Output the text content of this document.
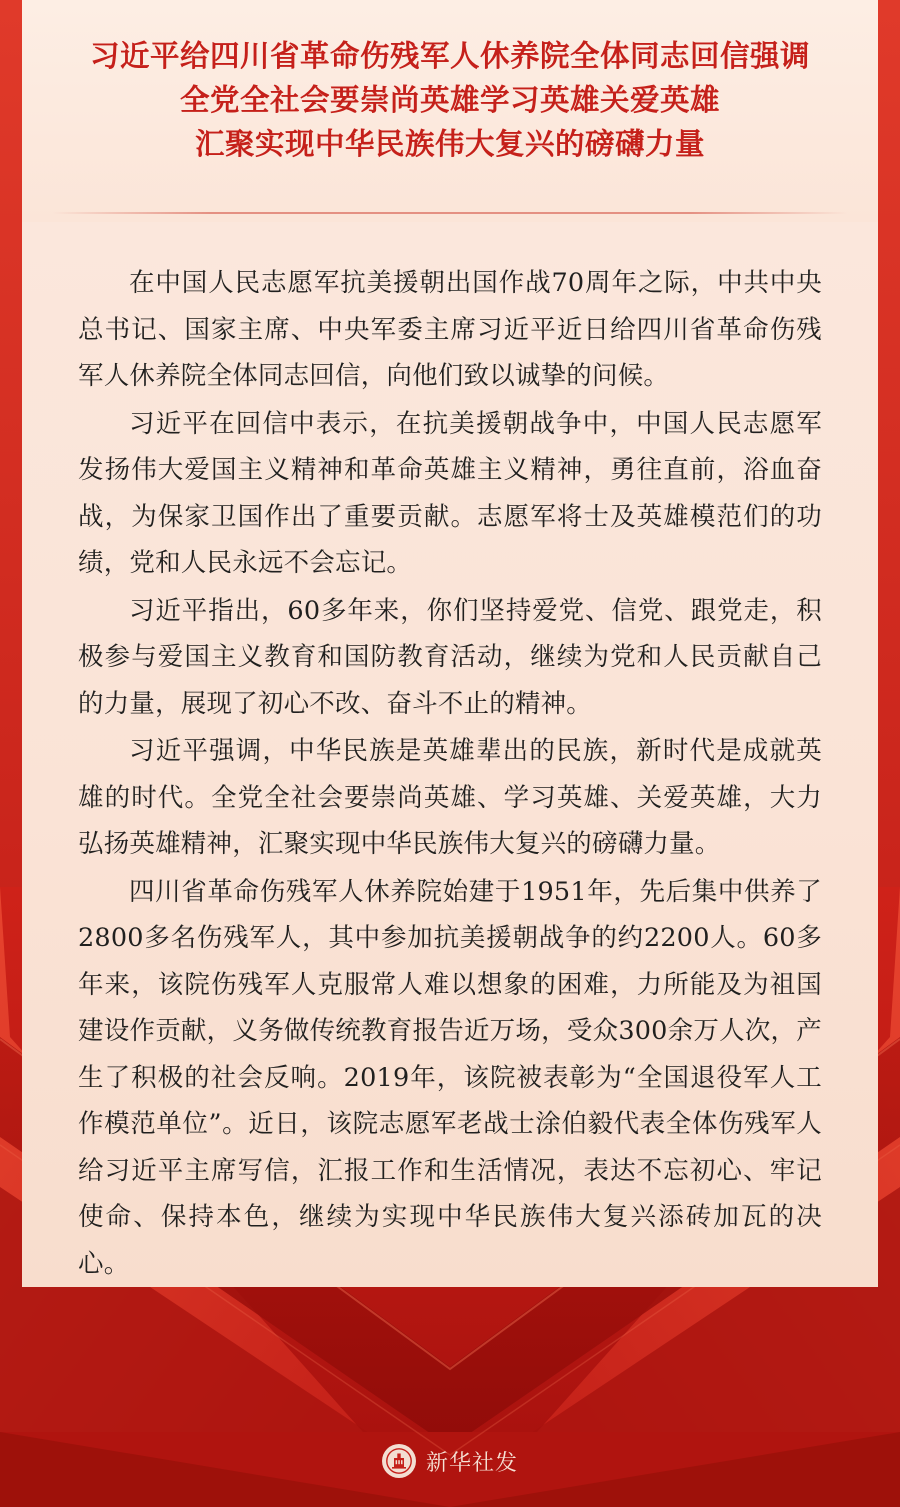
习近平给四川省革命伤残军人休养院全体同志回信强调
全党全社会要崇尚英雄学习英雄关爱英雄
汇聚实现中华民族伟大复兴的磅礴力量

在中国人民志愿军抗美援朝出国作战70周年之际，中共中央总书记、国家主席、中央军委主席习近平近日给四川省革命伤残军人休养院全体同志回信，向他们致以诚挚的问候。

习近平在回信中表示，在抗美援朝战争中，中国人民志愿军发扬伟大爱国主义精神和革命英雄主义精神，勇往直前，浴血奋战，为保家卫国作出了重要贡献。志愿军将士及英雄模范们的功绩，党和人民永远不会忘记。

习近平指出，60多年来，你们坚持爱党、信党、跟党走，积极参与爱国主义教育和国防教育活动，继续为党和人民贡献自己的力量，展现了初心不改、奋斗不止的精神。

习近平强调，中华民族是英雄辈出的民族，新时代是成就英雄的时代。全党全社会要崇尚英雄、学习英雄、关爱英雄，大力弘扬英雄精神，汇聚实现中华民族伟大复兴的磅礴力量。

四川省革命伤残军人休养院始建于1951年，先后集中供养了2800多名伤残军人，其中参加抗美援朝战争的约2200人。60多年来，该院伤残军人克服常人难以想象的困难，力所能及为祖国建设作贡献，义务做传统教育报告近万场，受众300余万人次，产生了积极的社会反响。2019年，该院被表彰为“全国退役军人工作模范单位”。近日，该院志愿军老战士涂伯毅代表全体伤残军人给习近平主席写信，汇报工作和生活情况，表达不忘初心、牢记使命、保持本色，继续为实现中华民族伟大复兴添砖加瓦的决心。

新华社发
